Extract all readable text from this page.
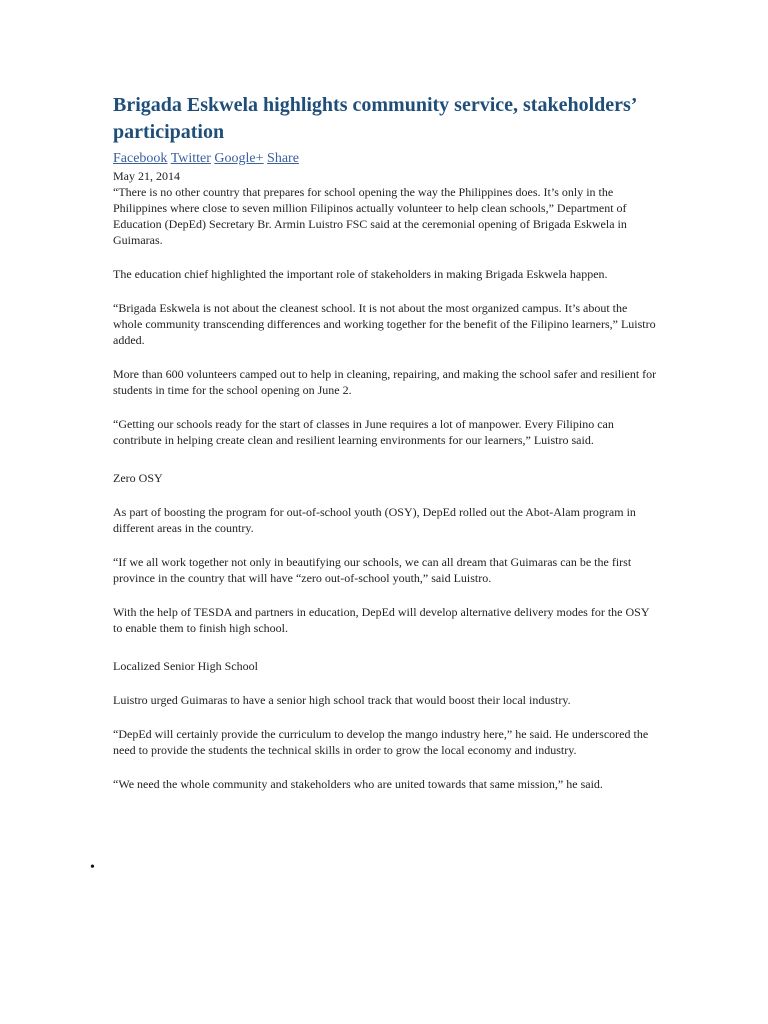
Brigada Eskwela highlights community service, stakeholders’ participation
Facebook Twitter Google+ Share
May 21, 2014

“There is no other country that prepares for school opening the way the Philippines does. It’s only in the Philippines where close to seven million Filipinos actually volunteer to help clean schools,” Department of Education (DepEd) Secretary Br. Armin Luistro FSC said at the ceremonial opening of Brigada Eskwela in Guimaras.

The education chief highlighted the important role of stakeholders in making Brigada Eskwela happen.

“Brigada Eskwela is not about the cleanest school. It is not about the most organized campus. It’s about the whole community transcending differences and working together for the benefit of the Filipino learners,” Luistro added.

More than 600 volunteers camped out to help in cleaning, repairing, and making the school safer and resilient for students in time for the school opening on June 2.

“Getting our schools ready for the start of classes in June requires a lot of manpower. Every Filipino can contribute in helping create clean and resilient learning environments for our learners,” Luistro said.

Zero OSY

As part of boosting the program for out-of-school youth (OSY), DepEd rolled out the Abot-Alam program in different areas in the country.

“If we all work together not only in beautifying our schools, we can all dream that Guimaras can be the first province in the country that will have “zero out-of-school youth,” said Luistro.

With the help of TESDA and partners in education, DepEd will develop alternative delivery modes for the OSY to enable them to finish high school.

Localized Senior High School

Luistro urged Guimaras to have a senior high school track that would boost their local industry.

“DepEd will certainly provide the curriculum to develop the mango industry here,” he said. He underscored the need to provide the students the technical skills in order to grow the local economy and industry.

“We need the whole community and stakeholders who are united towards that same mission,” he said.

•
